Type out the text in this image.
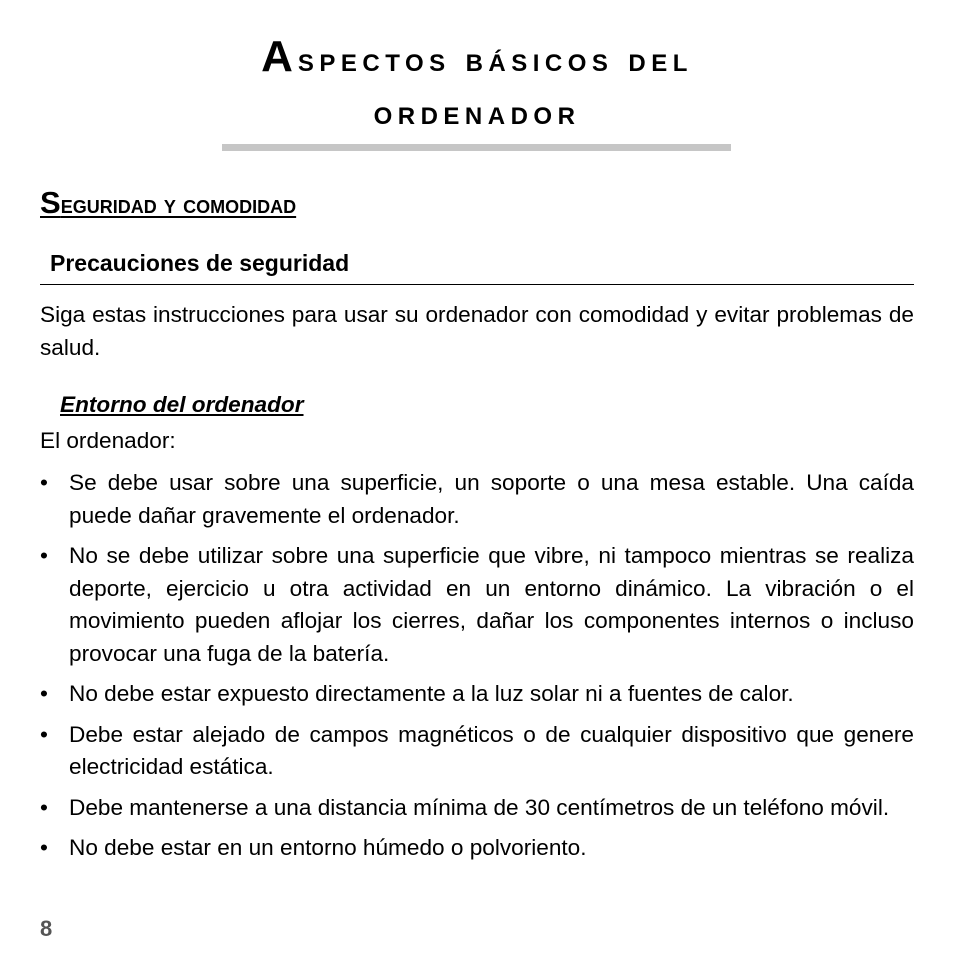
Aspectos básicos del
ordenador
Seguridad y comodidad
Precauciones de seguridad

Siga estas instrucciones para usar su ordenador con comodidad y evitar problemas de salud.

Entorno del ordenador

El ordenador:

• Se debe usar sobre una superficie, un soporte o una mesa estable. Una caída puede dañar gravemente el ordenador.
• No se debe utilizar sobre una superficie que vibre, ni tampoco mientras se realiza deporte, ejercicio u otra actividad en un entorno dinámico. La vibración o el movimiento pueden aflojar los cierres, dañar los componentes internos o incluso provocar una fuga de la batería.
• No debe estar expuesto directamente a la luz solar ni a fuentes de calor.
• Debe estar alejado de campos magnéticos o de cualquier dispositivo que genere electricidad estática.
• Debe mantenerse a una distancia mínima de 30 centímetros de un teléfono móvil.
• No debe estar en un entorno húmedo o polvoriento.

8
